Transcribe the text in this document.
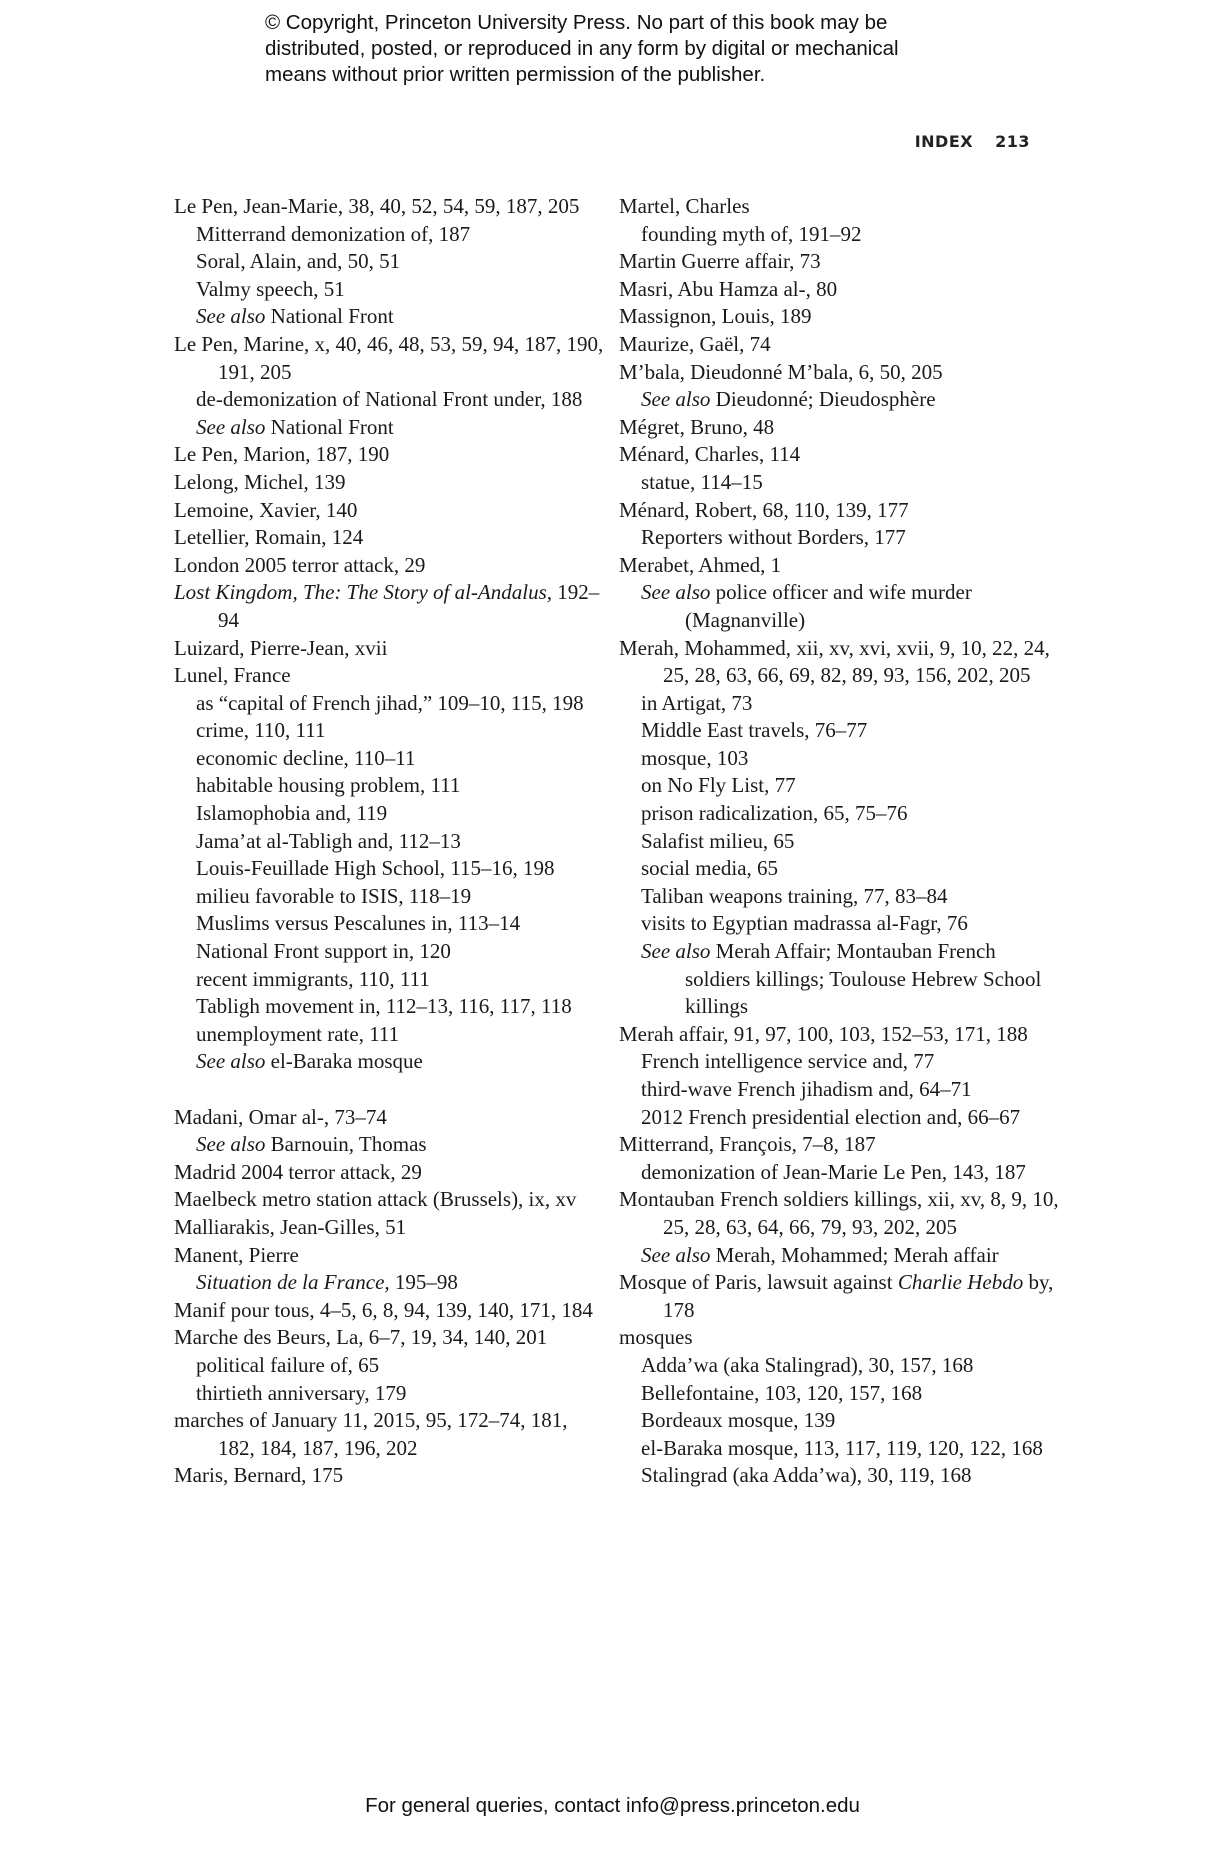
© Copyright, Princeton University Press. No part of this book may be
distributed, posted, or reproduced in any form by digital or mechanical
means without prior written permission of the publisher.
INDEX 213
Le Pen, Jean-Marie, 38, 40, 52, 54, 59, 187, 205
Mitterrand demonization of, 187
Soral, Alain, and, 50, 51
Valmy speech, 51
See also National Front
Le Pen, Marine, x, 40, 46, 48, 53, 59, 94, 187, 190, 191, 205
de-demonization of National Front under, 188
See also National Front
Le Pen, Marion, 187, 190
Lelong, Michel, 139
Lemoine, Xavier, 140
Letellier, Romain, 124
London 2005 terror attack, 29
Lost Kingdom, The: The Story of al-Andalus, 192–94
Luizard, Pierre-Jean, xvii
Lunel, France
as “capital of French jihad,” 109–10, 115, 198
crime, 110, 111
economic decline, 110–11
habitable housing problem, 111
Islamophobia and, 119
Jama’at al-Tabligh and, 112–13
Louis-Feuillade High School, 115–16, 198
milieu favorable to ISIS, 118–19
Muslims versus Pescalunes in, 113–14
National Front support in, 120
recent immigrants, 110, 111
Tabligh movement in, 112–13, 116, 117, 118
unemployment rate, 111
See also el-Baraka mosque
Madani, Omar al-, 73–74
See also Barnouin, Thomas
Madrid 2004 terror attack, 29
Maelbeck metro station attack (Brussels), ix, xv
Malliarakis, Jean-Gilles, 51
Manent, Pierre
Situation de la France, 195–98
Manif pour tous, 4–5, 6, 8, 94, 139, 140, 171, 184
Marche des Beurs, La, 6–7, 19, 34, 140, 201
political failure of, 65
thirtieth anniversary, 179
marches of January 11, 2015, 95, 172–74, 181, 182, 184, 187, 196, 202
Maris, Bernard, 175
Martel, Charles
founding myth of, 191–92
Martin Guerre affair, 73
Masri, Abu Hamza al-, 80
Massignon, Louis, 189
Maurize, Gaël, 74
M’bala, Dieudonné M’bala, 6, 50, 205
See also Dieudonné; Dieudosphère
Mégret, Bruno, 48
Ménard, Charles, 114
statue, 114–15
Ménard, Robert, 68, 110, 139, 177
Reporters without Borders, 177
Merabet, Ahmed, 1
See also police officer and wife murder (Magnanville)
Merah, Mohammed, xii, xv, xvi, xvii, 9, 10, 22, 24, 25, 28, 63, 66, 69, 82, 89, 93, 156, 202, 205
in Artigat, 73
Middle East travels, 76–77
mosque, 103
on No Fly List, 77
prison radicalization, 65, 75–76
Salafist milieu, 65
social media, 65
Taliban weapons training, 77, 83–84
visits to Egyptian madrassa al-Fagr, 76
See also Merah Affair; Montauban French soldiers killings; Toulouse Hebrew School killings
Merah affair, 91, 97, 100, 103, 152–53, 171, 188
French intelligence service and, 77
third-wave French jihadism and, 64–71
2012 French presidential election and, 66–67
Mitterrand, François, 7–8, 187
demonization of Jean-Marie Le Pen, 143, 187
Montauban French soldiers killings, xii, xv, 8, 9, 10, 25, 28, 63, 64, 66, 79, 93, 202, 205
See also Merah, Mohammed; Merah affair
Mosque of Paris, lawsuit against Charlie Hebdo by, 178
mosques
Adda’wa (aka Stalingrad), 30, 157, 168
Bellefontaine, 103, 120, 157, 168
Bordeaux mosque, 139
el-Baraka mosque, 113, 117, 119, 120, 122, 168
Stalingrad (aka Adda’wa), 30, 119, 168
For general queries, contact info@press.princeton.edu
